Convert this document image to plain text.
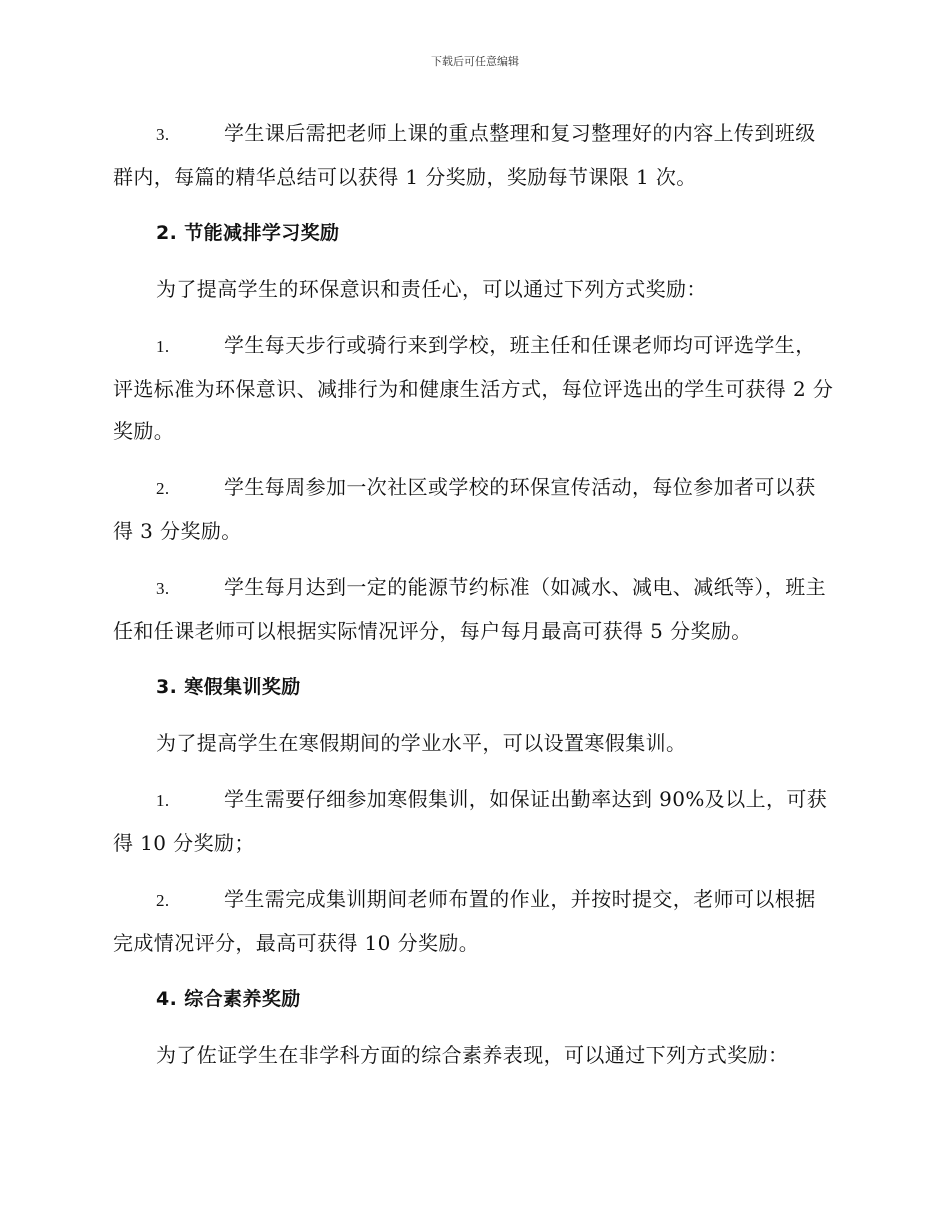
下载后可任意编辑

3.	学生课后需把老师上课的重点整理和复习整理好的内容上传到班级群内，每篇的精华总结可以获得 1 分奖励，奖励每节课限 1 次。

2. 节能减排学习奖励

为了提高学生的环保意识和责任心，可以通过下列方式奖励：

1.	学生每天步行或骑行来到学校，班主任和任课老师均可评选学生，评选标准为环保意识、减排行为和健康生活方式，每位评选出的学生可获得 2 分奖励。

2.	学生每周参加一次社区或学校的环保宣传活动，每位参加者可以获得 3 分奖励。

3.	学生每月达到一定的能源节约标准（如减水、减电、减纸等），班主任和任课老师可以根据实际情况评分，每户每月最高可获得 5 分奖励。

3. 寒假集训奖励

为了提高学生在寒假期间的学业水平，可以设置寒假集训。

1.	学生需要仔细参加寒假集训，如保证出勤率达到 90%及以上，可获得 10 分奖励；

2.	学生需完成集训期间老师布置的作业，并按时提交，老师可以根据完成情况评分，最高可获得 10 分奖励。

4. 综合素养奖励

为了佐证学生在非学科方面的综合素养表现，可以通过下列方式奖励：
